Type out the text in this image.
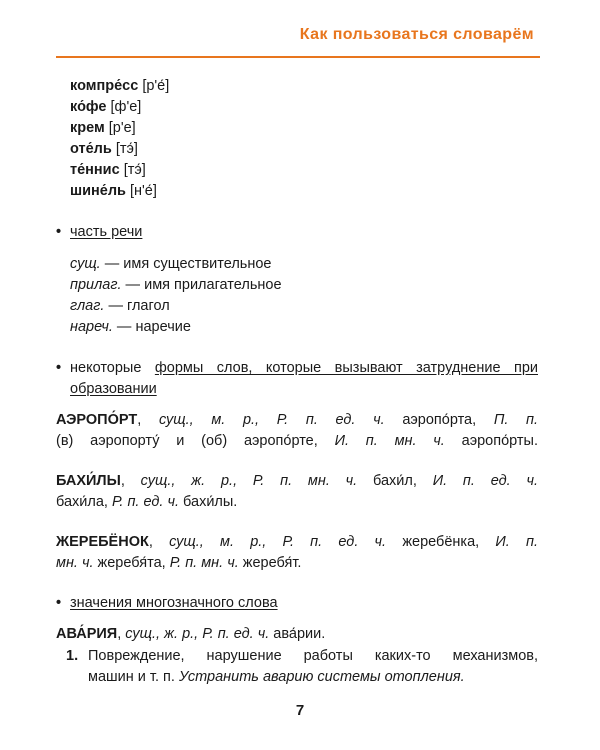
Как пользоваться словарём
компре́сс [р'е́]
ко́фе [ф'е]
крем [р'е]
оте́ль [тэ́]
те́ннис [тэ́]
шине́ль [н'е́]
• часть речи
сущ. — имя существительное
прилаг. — имя прилагательное
глаг. — глагол
нареч. — наречие
• некоторые формы слов, которые вызывают затруднение при
образовании
АЭРОПО́РТ, сущ., м. р., Р. п. ед. ч. аэропо́рта, П. п.
(в) аэропорту́ и (об) аэропо́рте, И. п. мн. ч. аэропо́рты.
БАХИ́ЛЫ, сущ., ж. р., Р. п. мн. ч. бахи́л, И. п. ед. ч.
бахи́ла, Р. п. ед. ч. бахи́лы.
ЖЕРЕБЁНОК, сущ., м. р., Р. п. ед. ч. жеребёнка, И. п.
мн. ч. жеребя́та, Р. п. мн. ч. жеребя́т.
• значения многозначного слова
АВА́РИЯ, сущ., ж. р., Р. п. ед. ч. ава́рии.
1. Повреждение, нарушение работы каких-то механизмов,
машин и т. п. Устранить аварию системы отопления.
7
